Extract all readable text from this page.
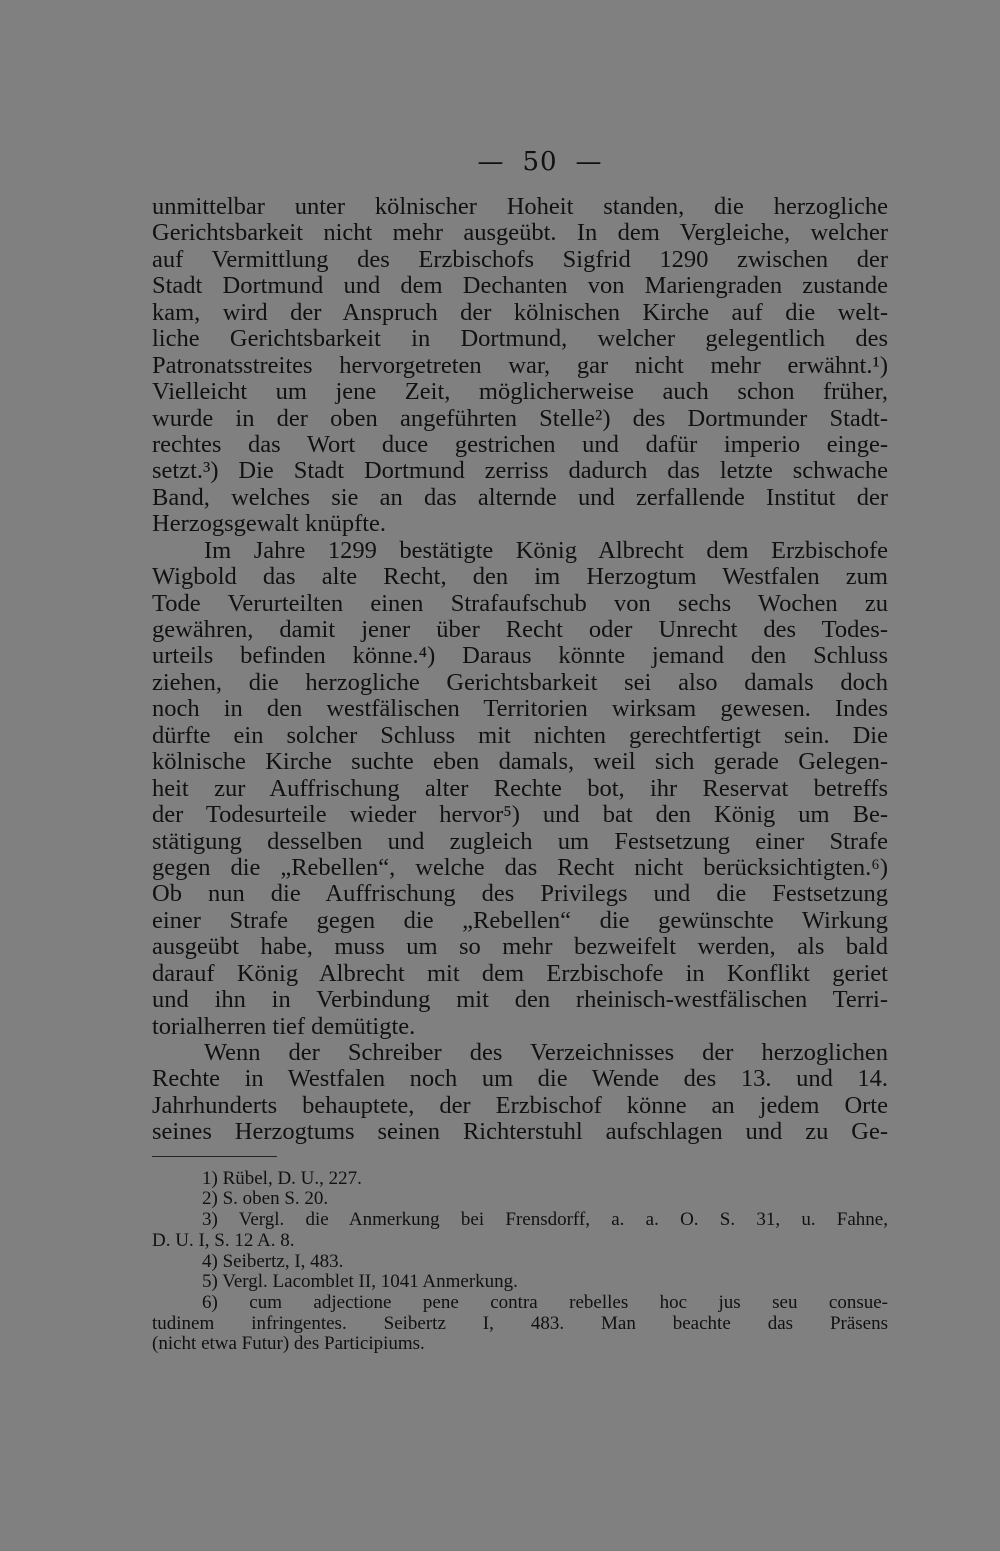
— 50 —
unmittelbar unter kölnischer Hoheit standen, die herzogliche
Gerichtsbarkeit nicht mehr ausgeübt. In dem Vergleiche, welcher
auf Vermittlung des Erzbischofs Sigfrid 1290 zwischen der
Stadt Dortmund und dem Dechanten von Mariengraden zustande
kam, wird der Anspruch der kölnischen Kirche auf die welt-
liche Gerichtsbarkeit in Dortmund, welcher gelegentlich des
Patronatsstreites hervorgetreten war, gar nicht mehr erwähnt.¹)
Vielleicht um jene Zeit, möglicherweise auch schon früher,
wurde in der oben angeführten Stelle²) des Dortmunder Stadt-
rechtes das Wort duce gestrichen und dafür imperio einge-
setzt.³) Die Stadt Dortmund zerriss dadurch das letzte schwache
Band, welches sie an das alternde und zerfallende Institut der
Herzogsgewalt knüpfte.
Im Jahre 1299 bestätigte König Albrecht dem Erzbischofe
Wigbold das alte Recht, den im Herzogtum Westfalen zum
Tode Verurteilten einen Strafaufschub von sechs Wochen zu
gewähren, damit jener über Recht oder Unrecht des Todes-
urteils befinden könne.⁴) Daraus könnte jemand den Schluss
ziehen, die herzogliche Gerichtsbarkeit sei also damals doch
noch in den westfälischen Territorien wirksam gewesen. Indes
dürfte ein solcher Schluss mit nichten gerechtfertigt sein. Die
kölnische Kirche suchte eben damals, weil sich gerade Gelegen-
heit zur Auffrischung alter Rechte bot, ihr Reservat betreffs
der Todesurteile wieder hervor⁵) und bat den König um Be-
stätigung desselben und zugleich um Festsetzung einer Strafe
gegen die „Rebellen“, welche das Recht nicht berücksichtigten.⁶)
Ob nun die Auffrischung des Privilegs und die Festsetzung
einer Strafe gegen die „Rebellen“ die gewünschte Wirkung
ausgeübt habe, muss um so mehr bezweifelt werden, als bald
darauf König Albrecht mit dem Erzbischofe in Konflikt geriet
und ihn in Verbindung mit den rheinisch-westfälischen Terri-
torialherren tief demütigte.
Wenn der Schreiber des Verzeichnisses der herzoglichen
Rechte in Westfalen noch um die Wende des 13. und 14.
Jahrhunderts behauptete, der Erzbischof könne an jedem Orte
seines Herzogtums seinen Richterstuhl aufschlagen und zu Ge-
1) Rübel, D. U., 227.
2) S. oben S. 20.
3) Vergl. die Anmerkung bei Frensdorff, a. a. O. S. 31, u. Fahne,
D. U. I, S. 12 A. 8.
4) Seibertz, I, 483.
5) Vergl. Lacomblet II, 1041 Anmerkung.
6) cum adjectione pene contra rebelles hoc jus seu consue-
tudinem infringentes. Seibertz I, 483. Man beachte das Präsens
(nicht etwa Futur) des Participiums.
